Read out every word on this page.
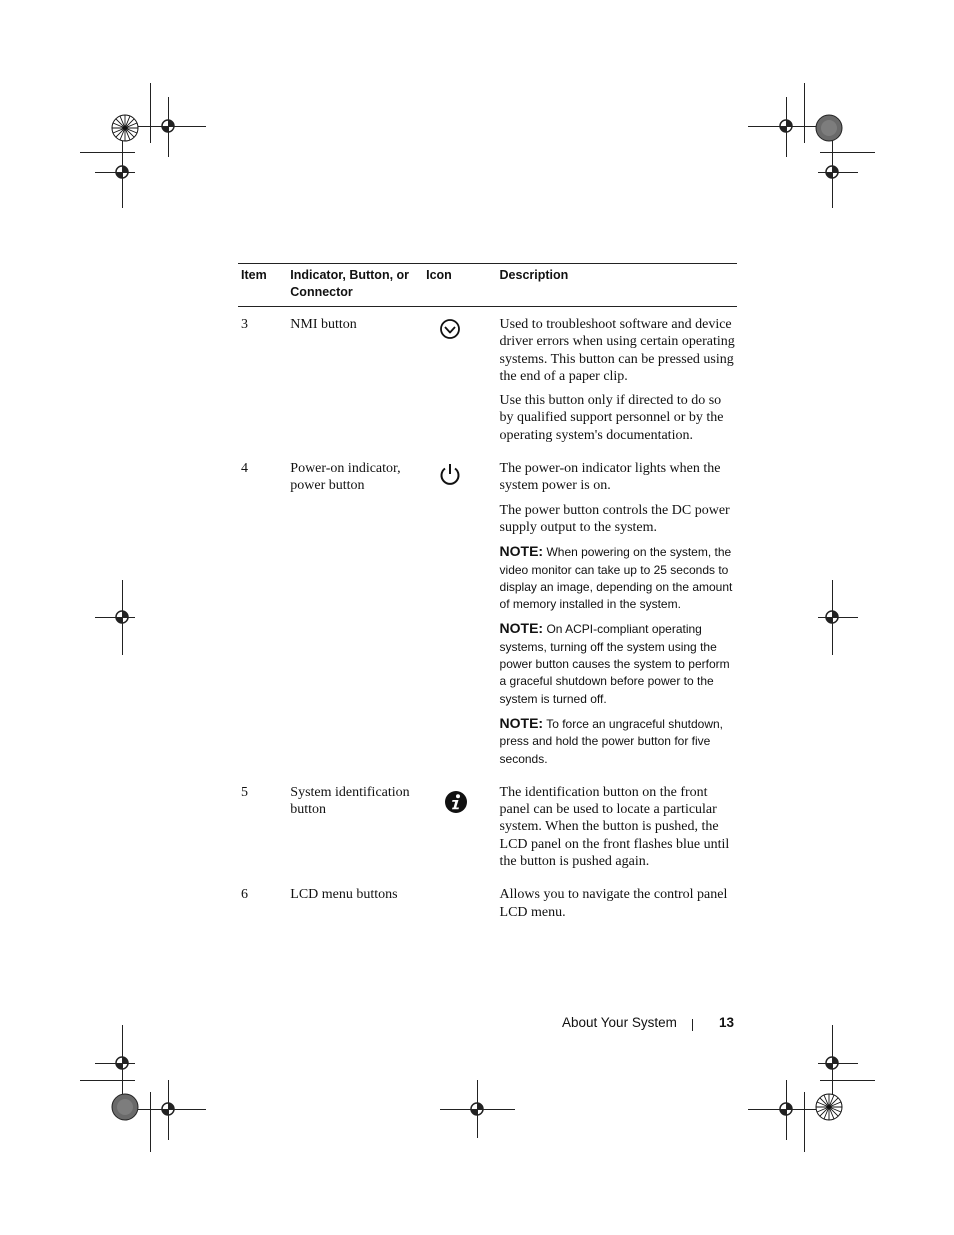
Item	Indicator, Button, or Connector	Icon	Description
3	NMI button		Used to troubleshoot software and device driver errors when using certain operating systems. This button can be pressed using the end of a paper clip.

Use this button only if directed to do so by qualified support personnel or by the operating system's documentation.

4	Power-on indicator, power button		The power-on indicator lights when the system power is on.

The power button controls the DC power supply output to the system.

NOTE: When powering on the system, the video monitor can take up to 25 seconds to display an image, depending on the amount of memory installed in the system.

NOTE: On ACPI-compliant operating systems, turning off the system using the power button causes the system to perform a graceful shutdown before power to the system is turned off.

NOTE: To force an ungraceful shutdown, press and hold the power button for five seconds.

5	System identification button		The identification button on the front panel can be used to locate a particular system. When the button is pushed, the LCD panel on the front flashes blue until the button is pushed again.

6	LCD menu buttons		Allows you to navigate the control panel LCD menu.

About Your System	13
